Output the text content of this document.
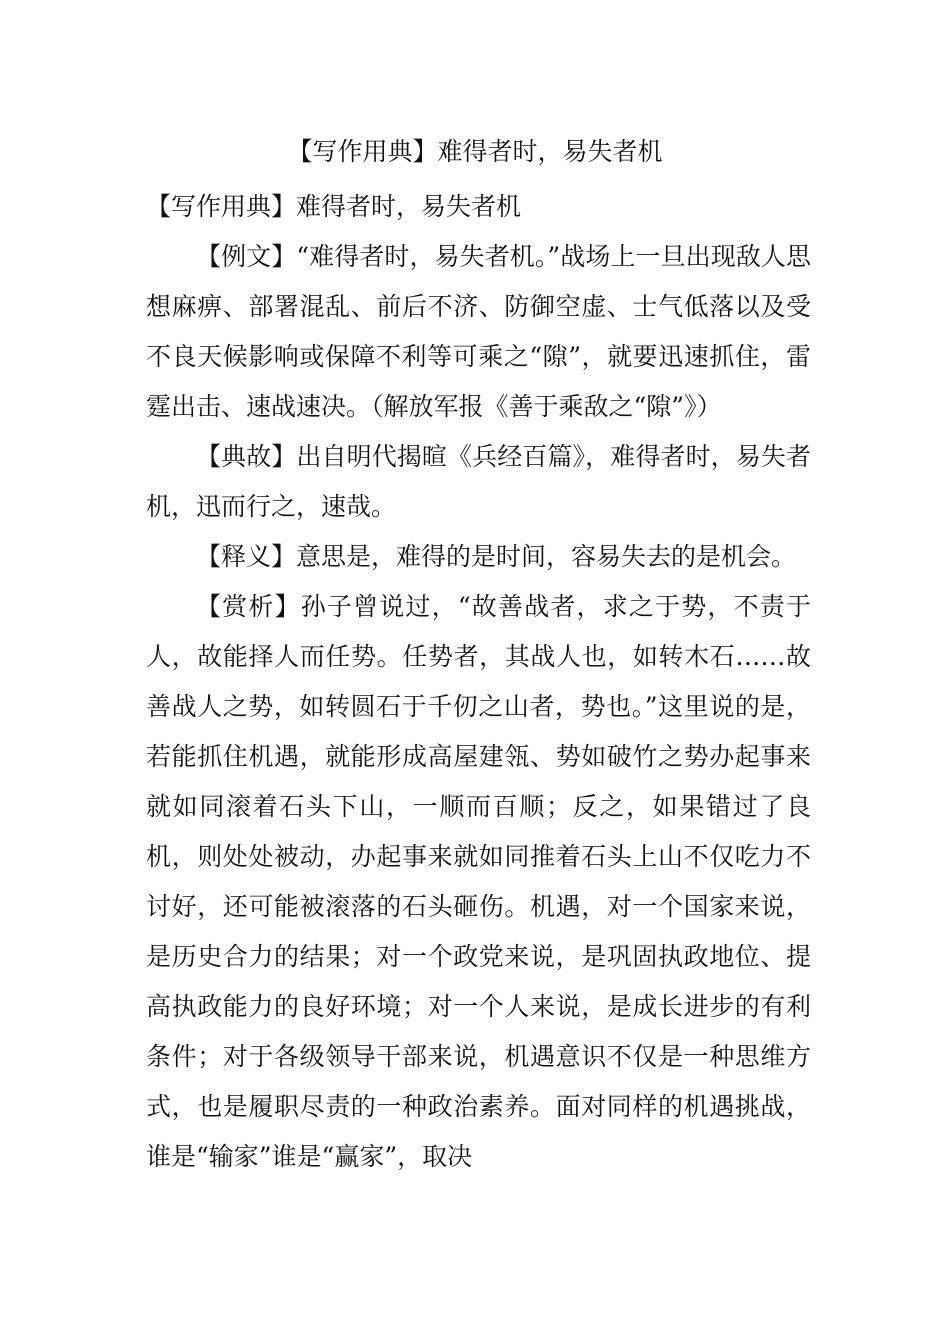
【写作用典】难得者时，易失者机

【写作用典】难得者时，易失者机

【例文】“难得者时，易失者机。”战场上一旦出现敌人思想麻痹、部署混乱、前后不济、防御空虚、士气低落以及受不良天候影响或保障不利等可乘之“隙”，就要迅速抓住，雷霆出击、速战速决。（解放军报《善于乘敌之“隙”》）

【典故】出自明代揭暄《兵经百篇》，难得者时，易失者机，迅而行之，速哉。

【释义】意思是，难得的是时间，容易失去的是机会。

【赏析】孙子曾说过，“故善战者，求之于势，不责于人，故能择人而任势。任势者，其战人也，如转木石……故善战人之势，如转圆石于千仞之山者，势也。”这里说的是，若能抓住机遇，就能形成高屋建瓴、势如破竹之势办起事来就如同滚着石头下山，一顺而百顺；反之，如果错过了良机，则处处被动，办起事来就如同推着石头上山不仅吃力不讨好，还可能被滚落的石头砸伤。机遇，对一个国家来说，是历史合力的结果；对一个政党来说，是巩固执政地位、提高执政能力的良好环境；对一个人来说，是成长进步的有利条件；对于各级领导干部来说，机遇意识不仅是一种思维方式，也是履职尽责的一种政治素养。面对同样的机遇挑战，谁是“输家”谁是“赢家”，取决
